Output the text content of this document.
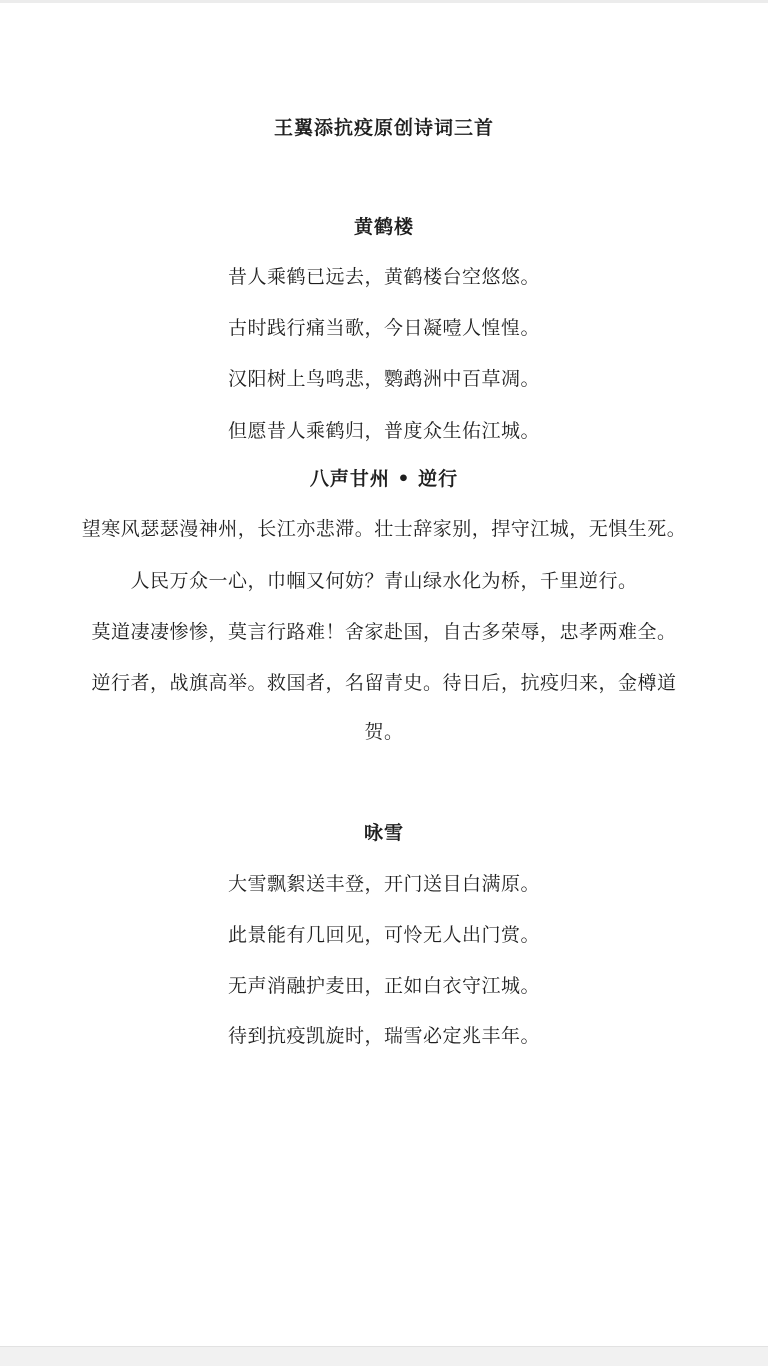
王翼添抗疫原创诗词三首
黄鹤楼
昔人乘鹤已远去，黄鹤楼台空悠悠。
古时践行痛当歌，今日凝噎人惶惶。
汉阳树上鸟鸣悲，鹦鹉洲中百草凋。
但愿昔人乘鹤归，普度众生佑江城。
八声甘州 • 逆行
望寒风瑟瑟漫神州，长江亦悲滞。壮士辞家别，捍守江城，无惧生死。
人民万众一心，巾帼又何妨？青山绿水化为桥，千里逆行。
莫道凄凄惨惨，莫言行路难！舍家赴国，自古多荣辱，忠孝两难全。
逆行者，战旗高举。救国者，名留青史。待日后，抗疫归来，金樽道
贺。
咏雪
大雪飘絮送丰登，开门送目白满原。
此景能有几回见，可怜无人出门赏。
无声消融护麦田，正如白衣守江城。
待到抗疫凯旋时，瑞雪必定兆丰年。
